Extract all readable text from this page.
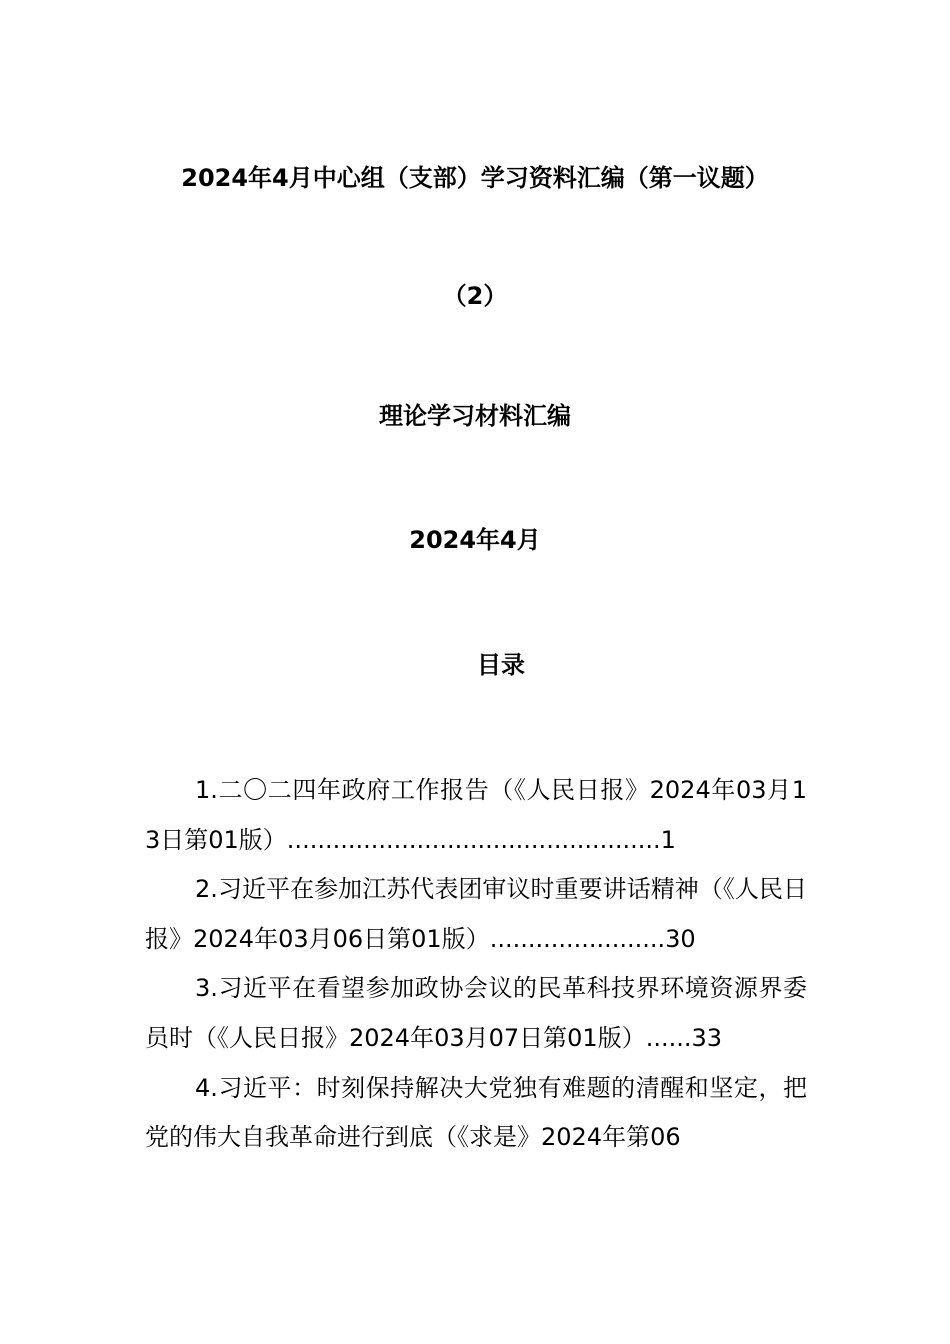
2024年4月中心组（支部）学习资料汇编（第一议题）
（2）
理论学习材料汇编
2024年4月
目录

1.二〇二四年政府工作报告（《人民日报》2024年03月13日第01版）.................................................1

2.习近平在参加江苏代表团审议时重要讲话精神（《人民日报》2024年03月06日第01版）.......................30

3.习近平在看望参加政协会议的民革科技界环境资源界委员时（《人民日报》2024年03月07日第01版）......33

4.习近平：时刻保持解决大党独有难题的清醒和坚定，把党的伟大自我革命进行到底（《求是》2024年第06
